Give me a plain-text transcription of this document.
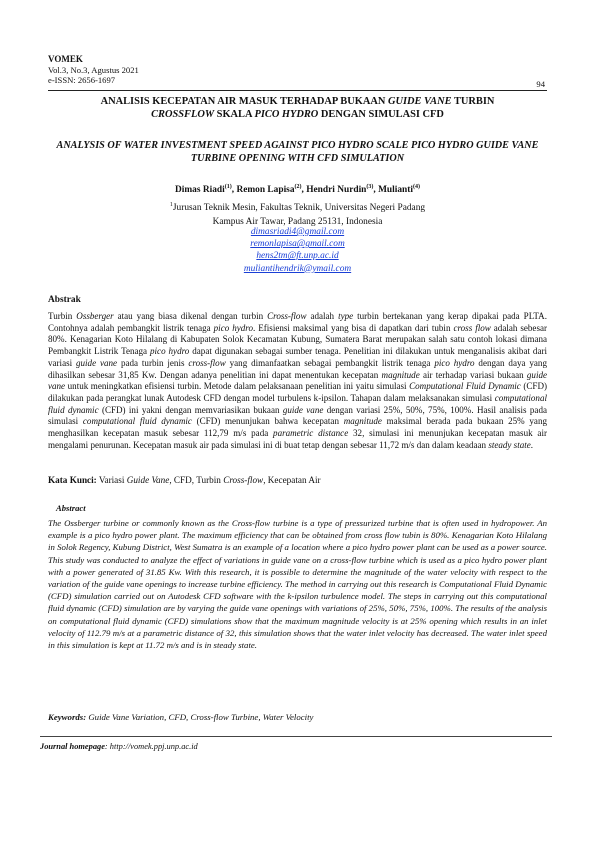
VOMEK
Vol.3, No.3, Agustus 2021
e-ISSN: 2656-1697	94
ANALISIS KECEPATAN AIR MASUK TERHADAP BUKAAN GUIDE VANE TURBIN
CROSSFLOW SKALA PICO HYDRO DENGAN SIMULASI CFD
ANALYSIS OF WATER INVESTMENT SPEED AGAINST PICO HYDRO SCALE PICO HYDRO GUIDE VANE TURBINE OPENING WITH CFD SIMULATION
Dimas Riadi$^{(1)}$, Remon Lapisa$^{(2)}$, Hendri Nurdin$^{(3)}$, Mulianti$^{(4)}$
$^1$Jurusan Teknik Mesin, Fakultas Teknik, Universitas Negeri Padang
Kampus Air Tawar, Padang 25131, Indonesia
dimasriadi4@gmail.com
remonlapisa@gmail.com
hens2tm@ft.unp.ac.id
muliantihendrik@ymail.com
Abstrak
Turbin Ossberger atau yang biasa dikenal dengan turbin Cross-flow adalah type turbin bertekanan yang kerap dipakai pada PLTA. Contohnya adalah pembangkit listrik tenaga pico hydro. Efisiensi maksimal yang bisa di dapatkan dari tubin cross flow adalah sebesar 80%. Kenagarian Koto Hilalang di Kabupaten Solok Kecamatan Kubung, Sumatera Barat merupakan salah satu contoh lokasi dimana Pembangkit Listrik Tenaga pico hydro dapat digunakan sebagai sumber tenaga. Penelitian ini dilakukan untuk menganalisis akibat dari variasi guide vane pada turbin jenis cross-flow yang dimanfaatkan sebagai pembangkit listrik tenaga pico hydro dengan daya yang dihasilkan sebesar 31,85 Kw. Dengan adanya penelitian ini dapat menentukan kecepatan magnitude air terhadap variasi bukaan guide vane untuk meningkatkan efisiensi turbin. Metode dalam pelaksanaan penelitian ini yaitu simulasi Computational Fluid Dynamic (CFD) dilakukan pada perangkat lunak Autodesk CFD dengan model turbulens k-ipsilon. Tahapan dalam melaksanakan simulasi computational fluid dynamic (CFD) ini yakni dengan memvariasikan bukaan guide vane dengan variasi 25%, 50%, 75%, 100%. Hasil analisis pada simulasi computational fluid dynamic (CFD) menunjukan bahwa kecepatan magnitude maksimal berada pada bukaan 25% yang menghasilkan kecepatan masuk sebesar 112,79 m/s pada parametric distance 32, simulasi ini menunjukan kecepatan masuk air mengalami penurunan. Kecepatan masuk air pada simulasi ini di buat tetap dengan sebesar 11,72 m/s dan dalam keadaan steady state.
Kata Kunci: Variasi Guide Vane, CFD, Turbin Cross-flow, Kecepatan Air
Abstract
The Ossberger turbine or commonly known as the Cross-flow turbine is a type of pressurized turbine that is often used in hydropower. An example is a pico hydro power plant. The maximum efficiency that can be obtained from cross flow tubin is 80%. Kenagarian Koto Hilalang in Solok Regency, Kubung District, West Sumatra is an example of a location where a pico hydro power plant can be used as a power source. This study was conducted to analyze the effect of variations in guide vane on a cross-flow turbine which is used as a pico hydro power plant with a power generated of 31.85 Kw. With this research, it is possible to determine the magnitude of the water velocity with respect to the variation of the guide vane openings to increase turbine efficiency. The method in carrying out this research is Computational Fluid Dynamic (CFD) simulation carried out on Autodesk CFD software with the k-ipsilon turbulence model. The steps in carrying out this computational fluid dynamic (CFD) simulation are by varying the guide vane openings with variations of 25%, 50%, 75%, 100%. The results of the analysis on computational fluid dynamic (CFD) simulations show that the maximum magnitude velocity is at 25% opening which results in an inlet velocity of 112.79 m/s at a parametric distance of 32, this simulation shows that the water inlet velocity has decreased. The water inlet speed in this simulation is kept at 11.72 m/s and is in steady state.
Keywords: Guide Vane Variation, CFD, Cross-flow Turbine, Water Velocity
Journal homepage: http://vomek.ppj.unp.ac.id
